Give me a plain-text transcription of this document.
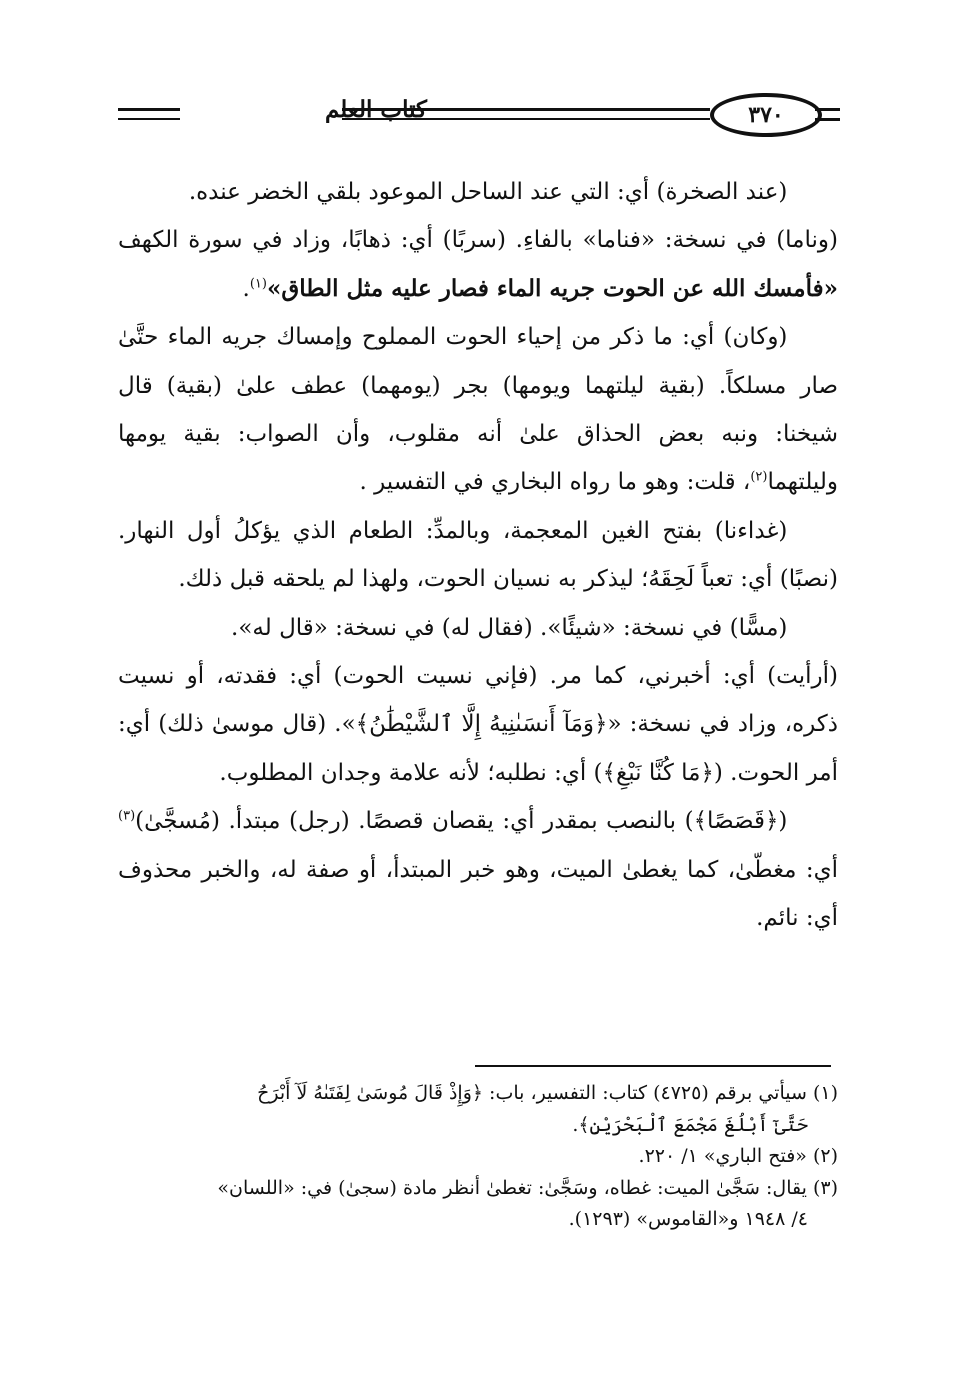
٣٧٠
كتاب العلم

(عند الصخرة) أي: التي عند الساحل الموعود بلقي الخضر عنده.

(وناما) في نسخة: «فناما» بالفاءِ. (سربًا) أي: ذهابًا، وزاد في سورة الكهف «فأمسك الله عن الحوت جريه الماء فصار عليه مثل الطاق»$^{(١)}$.

(وكان) أي: ما ذكر من إحياء الحوت المملوح وإمساك جريه الماء حتَّىٰ صار مسلكاً. (بقية ليلتهما ويومها) بجر (يومهما) عطف علىٰ (بقية) قال شيخنا: ونبه بعض الحذاق علىٰ أنه مقلوب، وأن الصواب: بقية يومها وليلتهما$^{(٢)}$، قلت: وهو ما رواه البخاري في التفسير .

(غداءنا) بفتح الغين المعجمة، وبالمدِّ: الطعام الذي يؤكلُ أول النهار. (نصبًا) أي: تعباً لَحِقَهُ؛ ليذكر به نسيان الحوت، ولهذا لم يلحقه قبل ذلك.

(مسًّا) في نسخة: «شيئًا». (فقال له) في نسخة: «قال له».

(أرأيت) أي: أخبرني، كما مر. (فإني نسيت الحوت) أي: فقدته، أو نسيت ذكره، وزاد في نسخة: «﴿وَمَآ أَنسَىٰنِيهُ إِلَّا ٱلشَّيْطَٰنُ﴾». (قال موسىٰ ذلك) أي: أمر الحوت. (﴿مَا كُنَّا نَبْغِ﴾) أي: نطلبه؛ لأنه علامة وجدان المطلوب.

(﴿قَصَصًا﴾) بالنصب بمقدر أي: يقصان قصصًا. (رجل) مبتدأ. (مُسجَّىٰ)$^{(٣)}$ أي: مغطّىٰ، كما يغطىٰ الميت، وهو خبر المبتدأ، أو صفة له، والخبر محذوف أي: نائم.

(١) سيأتي برقم (٤٧٢٥) كتاب: التفسير، باب: ﴿وَإِذْ قَالَ مُوسَىٰ لِفَتَىٰهُ لَآ أَبْرَحُ

حَتَّىٰٓ أَبْلُغَ مَجْمَعَ ٱلْبَحْرَيْنِ﴾.

(٢) «فتح الباري» ١/ ٢٢٠.

(٣) يقال: سَجَّىٰ الميت: غطاه، وسَجَّىٰ: تغطىٰ أنظر مادة (سجىٰ) في: «اللسان»

٤/ ١٩٤٨ و«القاموس» (١٢٩٣).
